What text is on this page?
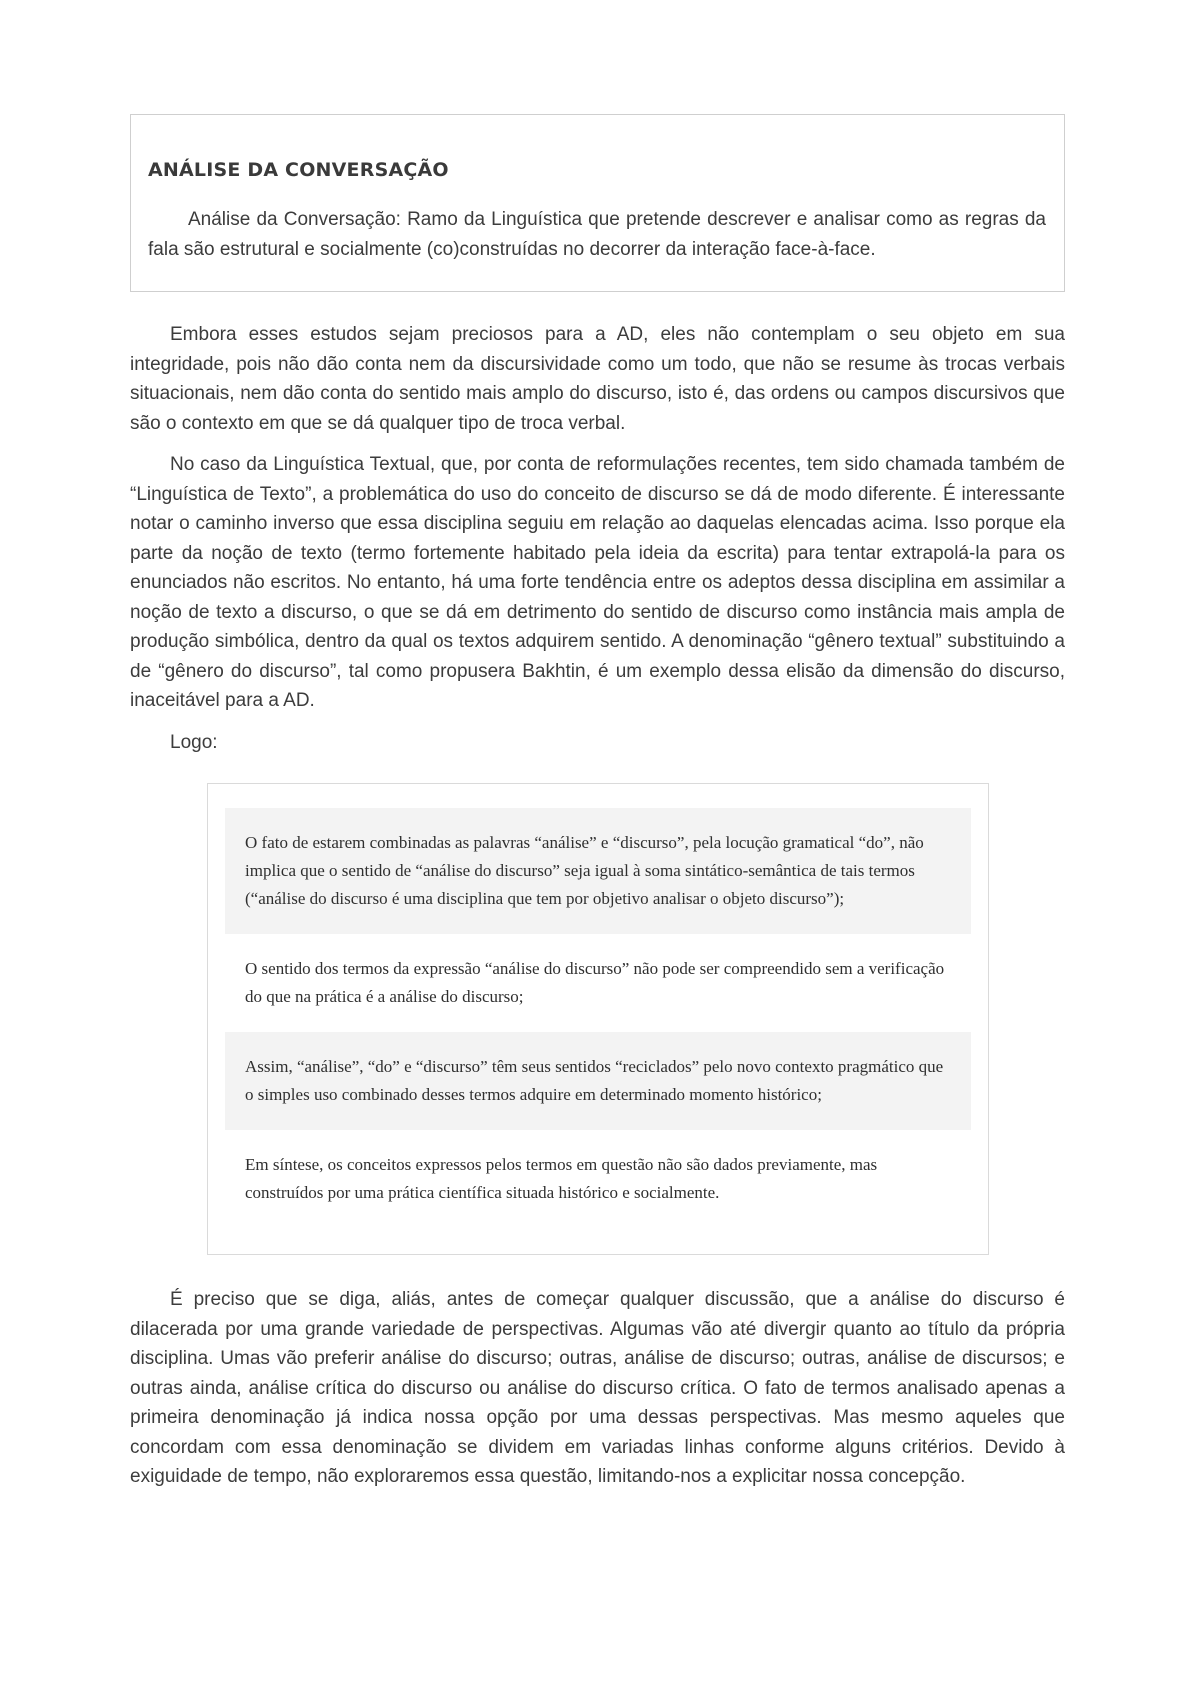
ANÁLISE DA CONVERSAÇÃO

Análise da Conversação: Ramo da Linguística que pretende descrever e analisar como as regras da fala são estrutural e socialmente (co)construídas no decorrer da interação face-à-face.

Embora esses estudos sejam preciosos para a AD, eles não contemplam o seu objeto em sua integridade, pois não dão conta nem da discursividade como um todo, que não se resume às trocas verbais situacionais, nem dão conta do sentido mais amplo do discurso, isto é, das ordens ou campos discursivos que são o contexto em que se dá qualquer tipo de troca verbal.

No caso da Linguística Textual, que, por conta de reformulações recentes, tem sido chamada também de “Linguística de Texto”, a problemática do uso do conceito de discurso se dá de modo diferente. É interessante notar o caminho inverso que essa disciplina seguiu em relação ao daquelas elencadas acima. Isso porque ela parte da noção de texto (termo fortemente habitado pela ideia da escrita) para tentar extrapolá-la para os enunciados não escritos. No entanto, há uma forte tendência entre os adeptos dessa disciplina em assimilar a noção de texto a discurso, o que se dá em detrimento do sentido de discurso como instância mais ampla de produção simbólica, dentro da qual os textos adquirem sentido. A denominação “gênero textual” substituindo a de “gênero do discurso”, tal como propusera Bakhtin, é um exemplo dessa elisão da dimensão do discurso, inaceitável para a AD.

Logo:

O fato de estarem combinadas as palavras “análise” e “discurso”, pela locução gramatical “do”, não implica que o sentido de “análise do discurso” seja igual à soma sintático-semântica de tais termos (“análise do discurso é uma disciplina que tem por objetivo analisar o objeto discurso”);
O sentido dos termos da expressão “análise do discurso” não pode ser compreendido sem a verificação do que na prática é a análise do discurso;
Assim, “análise”, “do” e “discurso” têm seus sentidos “reciclados” pelo novo contexto pragmático que o simples uso combinado desses termos adquire em determinado momento histórico;
Em síntese, os conceitos expressos pelos termos em questão não são dados previamente, mas construídos por uma prática científica situada histórico e socialmente.

É preciso que se diga, aliás, antes de começar qualquer discussão, que a análise do discurso é dilacerada por uma grande variedade de perspectivas. Algumas vão até divergir quanto ao título da própria disciplina. Umas vão preferir análise do discurso; outras, análise de discurso; outras, análise de discursos; e outras ainda, análise crítica do discurso ou análise do discurso crítica. O fato de termos analisado apenas a primeira denominação já indica nossa opção por uma dessas perspectivas. Mas mesmo aqueles que concordam com essa denominação se dividem em variadas linhas conforme alguns critérios. Devido à exiguidade de tempo, não exploraremos essa questão, limitando-nos a explicitar nossa concepção.
